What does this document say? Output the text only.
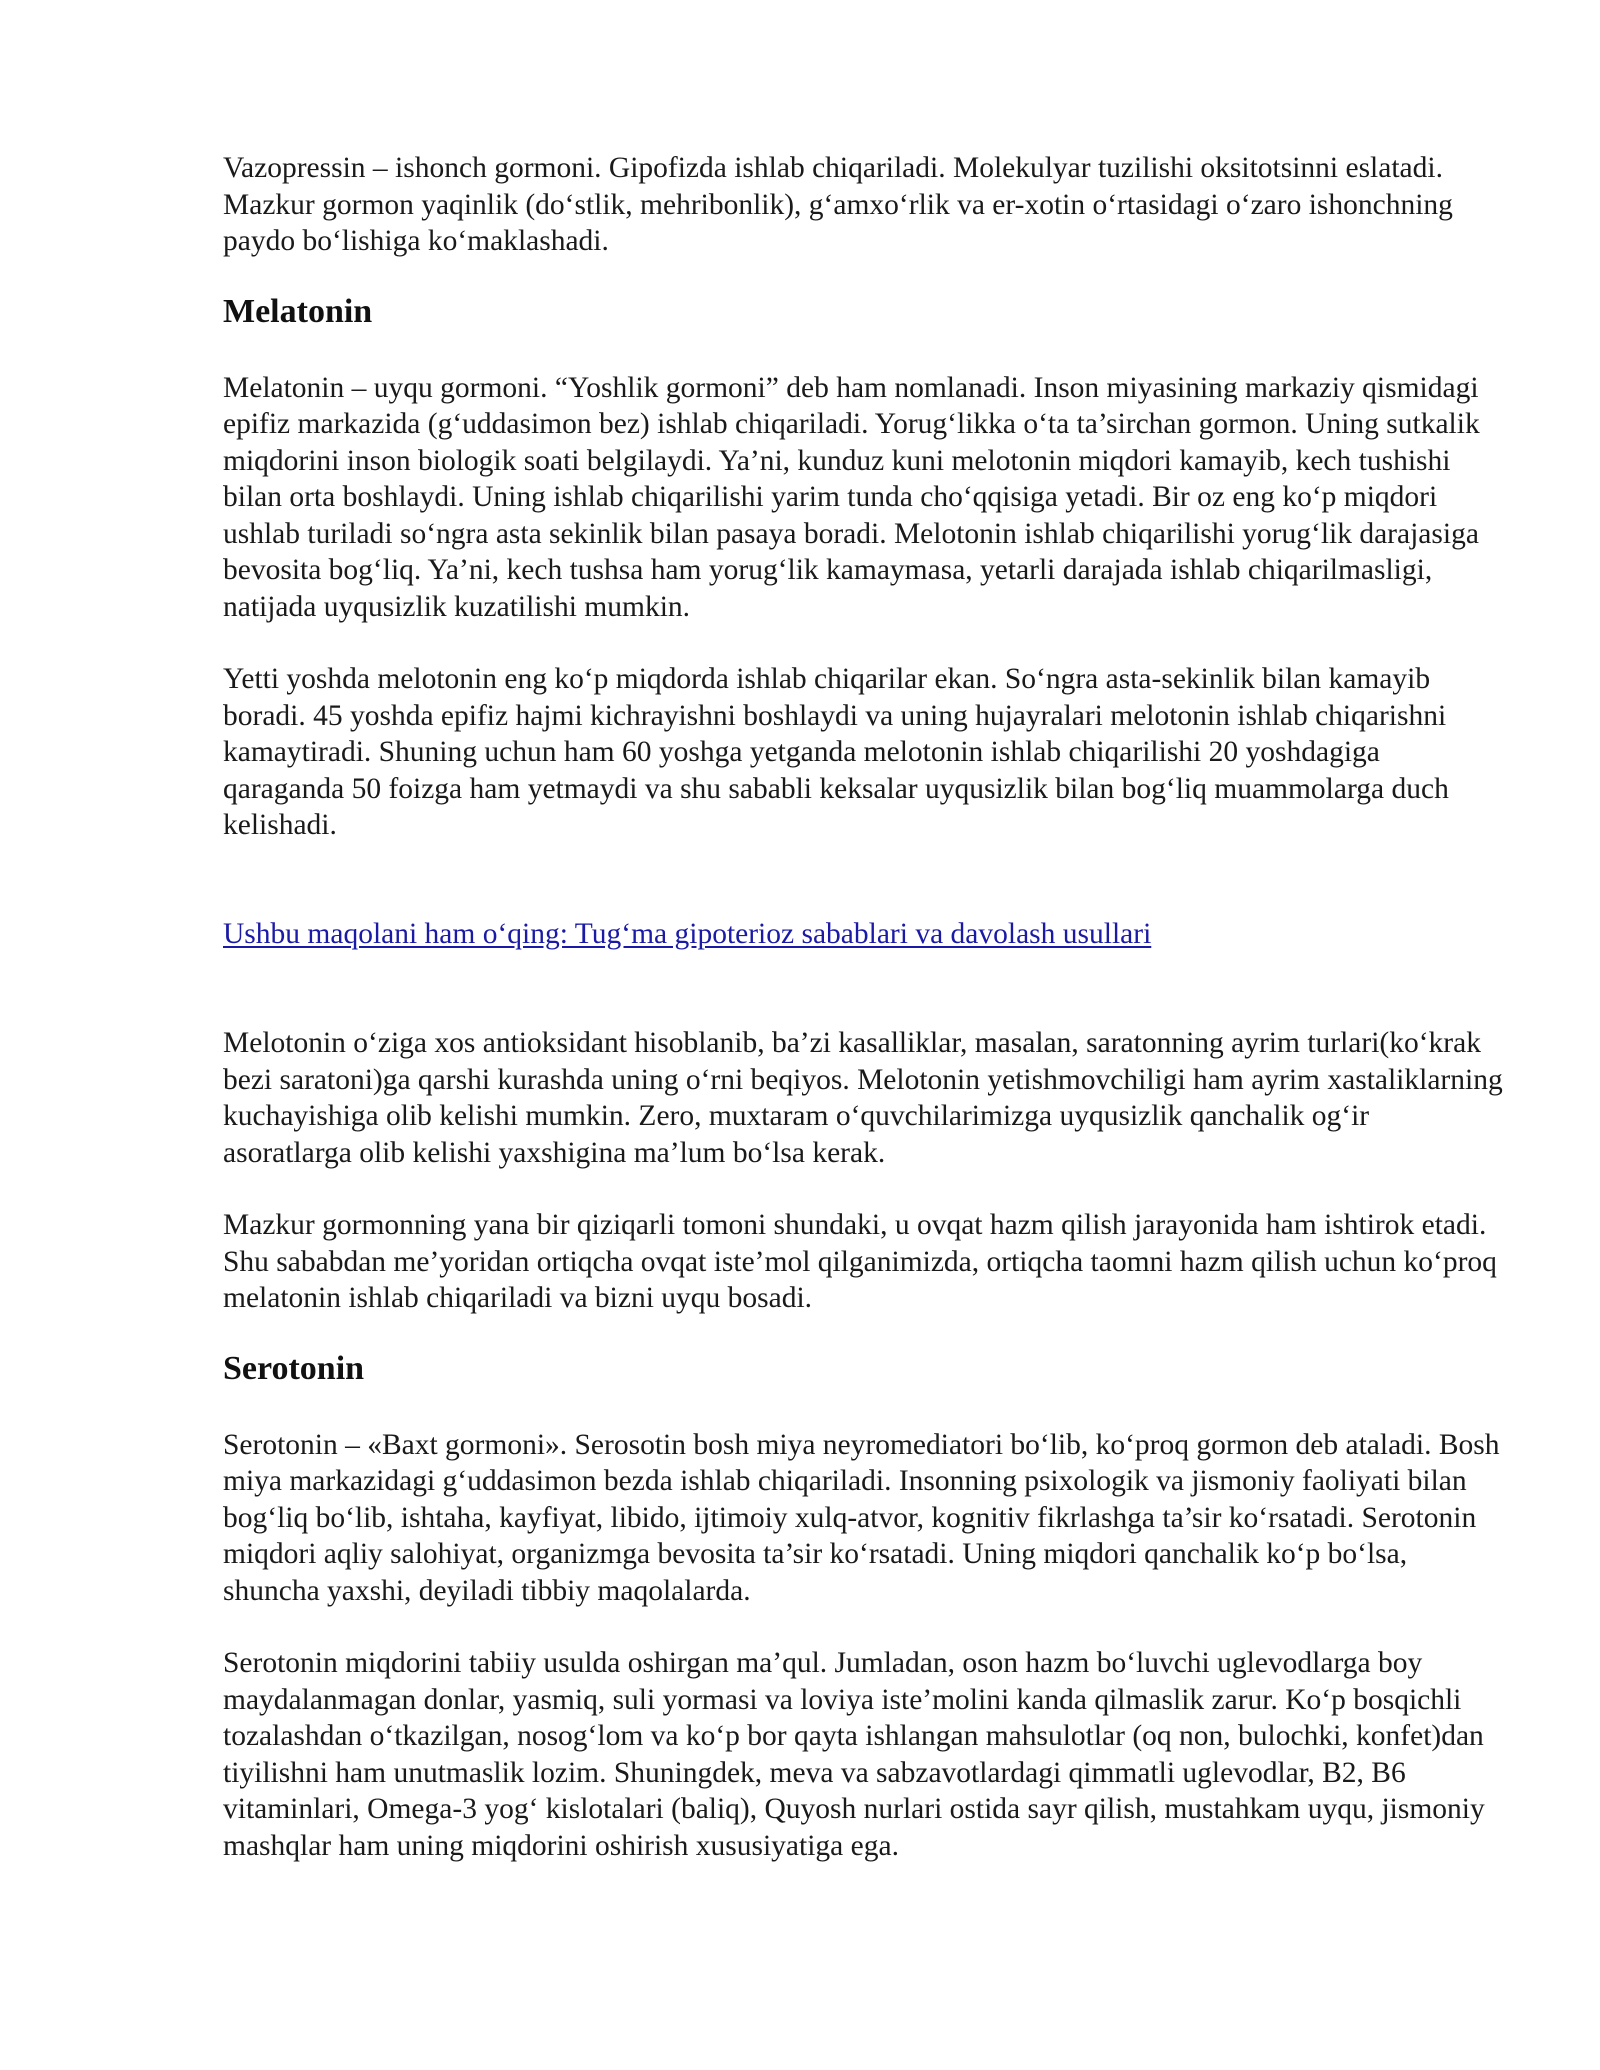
Vazopressin – ishonch gormoni. Gipofizda ishlab chiqariladi. Molekulyar tuzilishi oksitotsinni eslatadi. Mazkur gormon yaqinlik (do‘stlik, mehribonlik), g‘amxo‘rlik va er-xotin o‘rtasidagi o‘zaro ishonchning paydo bo‘lishiga ko‘maklashadi.

Melatonin

Melatonin – uyqu gormoni. “Yoshlik gormoni” deb ham nomlanadi. Inson miyasining markaziy qismidagi epifiz markazida (g‘uddasimon bez) ishlab chiqariladi. Yorug‘likka o‘ta ta’sirchan gormon. Uning sutkalik miqdorini inson biologik soati belgilaydi. Ya’ni, kunduz kuni melotonin miqdori kamayib, kech tushishi bilan orta boshlaydi. Uning ishlab chiqarilishi yarim tunda cho‘qqisiga yetadi. Bir oz eng ko‘p miqdori ushlab turiladi so‘ngra asta sekinlik bilan pasaya boradi. Melotonin ishlab chiqarilishi yorug‘lik darajasiga bevosita bog‘liq. Ya’ni, kech tushsa ham yorug‘lik kamaymasa, yetarli darajada ishlab chiqarilmasligi, natijada uyqusizlik kuzatilishi mumkin.

Yetti yoshda melotonin eng ko‘p miqdorda ishlab chiqarilar ekan. So‘ngra asta-sekinlik bilan kamayib boradi. 45 yoshda epifiz hajmi kichrayishni boshlaydi va uning hujayralari melotonin ishlab chiqarishni kamaytiradi. Shuning uchun ham 60 yoshga yetganda melotonin ishlab chiqarilishi 20 yoshdagiga qaraganda 50 foizga ham yetmaydi va shu sababli keksalar uyqusizlik bilan bog‘liq muammolarga duch kelishadi.

Ushbu maqolani ham o‘qing: Tug‘ma gipoterioz sabablari va davolash usullari

Melotonin o‘ziga xos antioksidant hisoblanib, ba’zi kasalliklar, masalan, saratonning ayrim turlari(ko‘krak bezi saratoni)ga qarshi kurashda uning o‘rni beqiyos. Melotonin yetishmovchiligi ham ayrim xastaliklarning kuchayishiga olib kelishi mumkin. Zero, muxtaram o‘quvchilarimizga uyqusizlik qanchalik og‘ir asoratlarga olib kelishi yaxshigina ma’lum bo‘lsa kerak.

Mazkur gormonning yana bir qiziqarli tomoni shundaki, u ovqat hazm qilish jarayonida ham ishtirok etadi. Shu sababdan me’yoridan ortiqcha ovqat iste’mol qilganimizda, ortiqcha taomni hazm qilish uchun ko‘proq melatonin ishlab chiqariladi va bizni uyqu bosadi.

Serotonin

Serotonin – «Baxt gormoni». Serosotin bosh miya neyromediatori bo‘lib, ko‘proq gormon deb ataladi. Bosh miya markazidagi g‘uddasimon bezda ishlab chiqariladi. Insonning psixologik va jismoniy faoliyati bilan bog‘liq bo‘lib, ishtaha, kayfiyat, libido, ijtimoiy xulq-atvor, kognitiv fikrlashga ta’sir ko‘rsatadi. Serotonin miqdori aqliy salohiyat, organizmga bevosita ta’sir ko‘rsatadi. Uning miqdori qanchalik ko‘p bo‘lsa, shuncha yaxshi, deyiladi tibbiy maqolalarda.

Serotonin miqdorini tabiiy usulda oshirgan ma’qul. Jumladan, oson hazm bo‘luvchi uglevodlarga boy maydalanmagan donlar, yasmiq, suli yormasi va loviya iste’molini kanda qilmaslik zarur. Ko‘p bosqichli tozalashdan o‘tkazilgan, nosog‘lom va ko‘p bor qayta ishlangan mahsulotlar (oq non, bulochki, konfet)dan tiyilishni ham unutmaslik lozim. Shuningdek, meva va sabzavotlardagi qimmatli uglevodlar, B2, B6 vitaminlari, Omega-3 yog‘ kislotalari (baliq), Quyosh nurlari ostida sayr qilish, mustahkam uyqu, jismoniy mashqlar ham uning miqdorini oshirish xususiyatiga ega.
